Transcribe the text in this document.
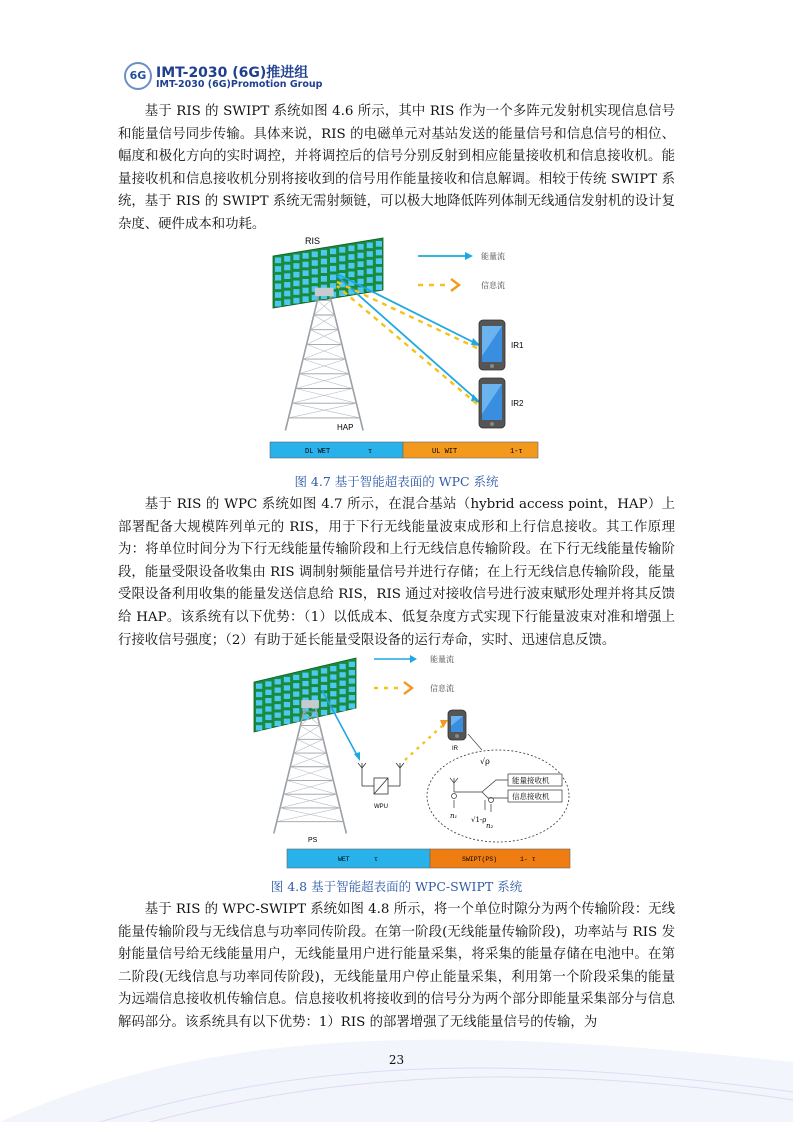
6G IMT-2030 (6G)推进组
IMT-2030 (6G)Promotion Group

基于 RIS 的 SWIPT 系统如图 4.6 所示，其中 RIS 作为一个多阵元发射机实现信息信号和能量信号同步传输。具体来说，RIS 的电磁单元对基站发送的能量信号和信息信号的相位、幅度和极化方向的实时调控，并将调控后的信号分别反射到相应能量接收机和信息接收机。能量接收机和信息接收机分别将接收到的信号用作能量接收和信息解调。相较于传统 SWIPT 系统，基于 RIS 的 SWIPT 系统无需射频链，可以极大地降低阵列体制无线通信发射机的设计复杂度、硬件成本和功耗。

RIS
HAP
能量流
信息流
IR1
IR2
DL WET	τ	UL WIT	1-τ
图 4.7 基于智能超表面的 WPC 系统

基于 RIS 的 WPC 系统如图 4.7 所示，在混合基站（hybrid access point，HAP）上部署配备大规模阵列单元的 RIS，用于下行无线能量波束成形和上行信息接收。其工作原理为：将单位时间分为下行无线能量传输阶段和上行无线信息传输阶段。在下行无线能量传输阶段，能量受限设备收集由 RIS 调制射频能量信号并进行存储；在上行无线信息传输阶段，能量受限设备利用收集的能量发送信息给 RIS，RIS 通过对接收信号进行波束赋形处理并将其反馈给 HAP。该系统有以下优势：（1）以低成本、低复杂度方式实现下行能量波束对准和增强上行接收信号强度；（2）有助于延长能量受限设备的运行寿命，实时、迅速信息反馈。

PS
能量流
信息流
WPU
IR
能量接收机
信息接收机
√ρ
√1-ρ
n₁
n₂
WET	τ	SWIPT(PS)	1- τ
图 4.8 基于智能超表面的 WPC-SWIPT 系统

基于 RIS 的 WPC-SWIPT 系统如图 4.8 所示，将一个单位时隙分为两个传输阶段：无线能量传输阶段与无线信息与功率同传阶段。在第一阶段(无线能量传输阶段)，功率站与 RIS 发射能量信号给无线能量用户，无线能量用户进行能量采集，将采集的能量存储在电池中。在第二阶段(无线信息与功率同传阶段)，无线能量用户停止能量采集，利用第一个阶段采集的能量为远端信息接收机传输信息。信息接收机将接收到的信号分为两个部分即能量采集部分与信息解码部分。该系统具有以下优势：1）RIS 的部署增强了无线能量信号的传输，为

23
